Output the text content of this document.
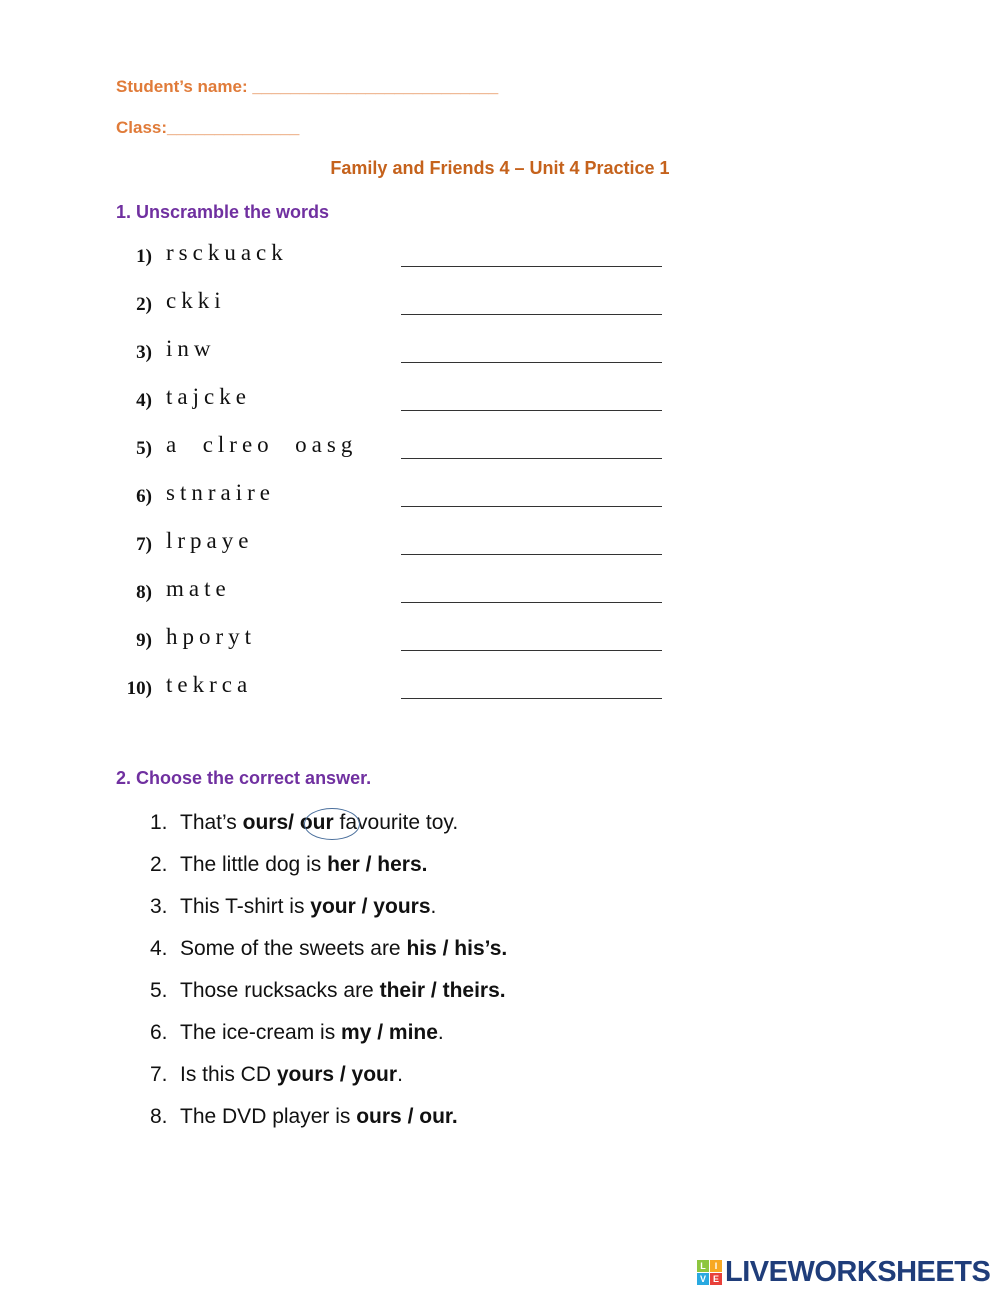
Student’s name: __________________________
Class:______________
Family and Friends 4 – Unit 4 Practice 1
1. Unscramble the words
1) rsckuack
2) ckki
3) inw
4) tajcke
5) a  clreo  oasg
6) stnraire
7) lrpaye
8) mate
9) hporyt
10) tekrca
2. Choose the correct answer.
1. That’s ours/ our favourite toy.
2. The little dog is her / hers.
3. This T-shirt is your / yours.
4. Some of the sweets are his / his’s.
5. Those rucksacks are their / theirs.
6. The ice-cream is my / mine.
7. Is this CD yours / your.
8. The DVD player is ours / our.
L I
V E LIVEWORKSHEETS
